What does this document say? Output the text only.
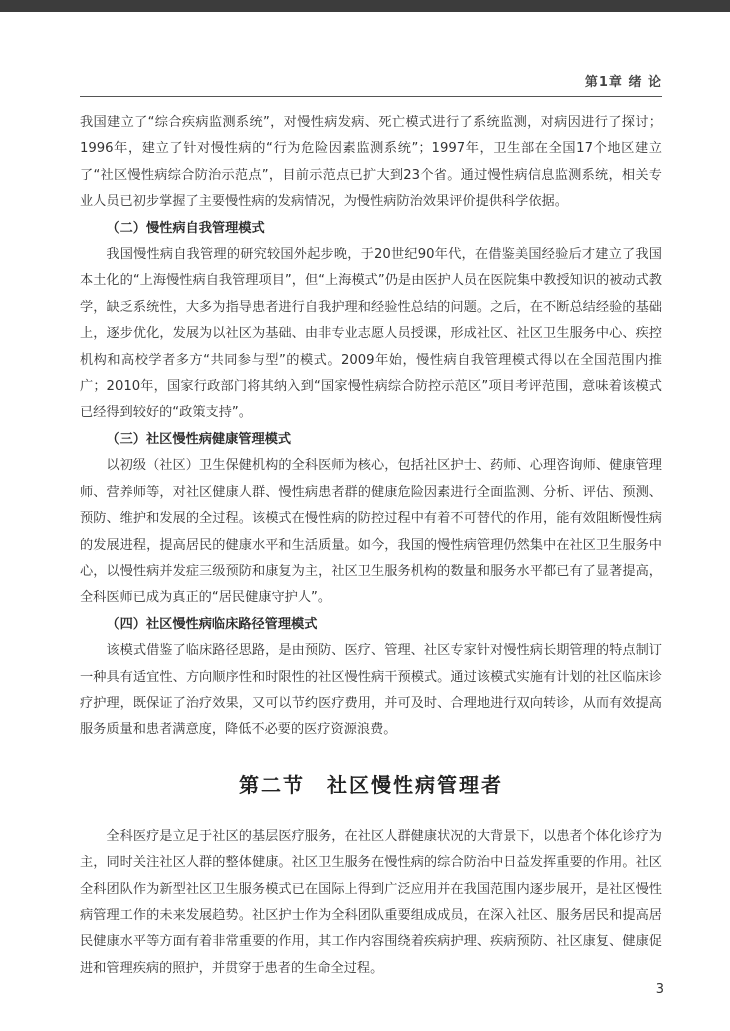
第1章 绪 论

我国建立了“综合疾病监测系统”，对慢性病发病、死亡模式进行了系统监测，对病因进行了探讨；1996年，建立了针对慢性病的“行为危险因素监测系统”；1997年，卫生部在全国17个地区建立了“社区慢性病综合防治示范点”，目前示范点已扩大到23个省。通过慢性病信息监测系统，相关专业人员已初步掌握了主要慢性病的发病情况，为慢性病防治效果评价提供科学依据。

（二）慢性病自我管理模式

我国慢性病自我管理的研究较国外起步晚，于20世纪90年代，在借鉴美国经验后才建立了我国本土化的“上海慢性病自我管理项目”，但“上海模式”仍是由医护人员在医院集中教授知识的被动式教学，缺乏系统性，大多为指导患者进行自我护理和经验性总结的问题。之后，在不断总结经验的基础上，逐步优化，发展为以社区为基础、由非专业志愿人员授课，形成社区、社区卫生服务中心、疾控机构和高校学者多方“共同参与型”的模式。2009年始，慢性病自我管理模式得以在全国范围内推广；2010年，国家行政部门将其纳入到“国家慢性病综合防控示范区”项目考评范围，意味着该模式已经得到较好的“政策支持”。

（三）社区慢性病健康管理模式

以初级（社区）卫生保健机构的全科医师为核心，包括社区护士、药师、心理咨询师、健康管理师、营养师等，对社区健康人群、慢性病患者群的健康危险因素进行全面监测、分析、评估、预测、预防、维护和发展的全过程。该模式在慢性病的防控过程中有着不可替代的作用，能有效阻断慢性病的发展进程，提高居民的健康水平和生活质量。如今，我国的慢性病管理仍然集中在社区卫生服务中心，以慢性病并发症三级预防和康复为主，社区卫生服务机构的数量和服务水平都已有了显著提高，全科医师已成为真正的“居民健康守护人”。

（四）社区慢性病临床路径管理模式

该模式借鉴了临床路径思路，是由预防、医疗、管理、社区专家针对慢性病长期管理的特点制订一种具有适宜性、方向顺序性和时限性的社区慢性病干预模式。通过该模式实施有计划的社区临床诊疗护理，既保证了治疗效果，又可以节约医疗费用，并可及时、合理地进行双向转诊，从而有效提高服务质量和患者满意度，降低不必要的医疗资源浪费。

第二节 社区慢性病管理者

全科医疗是立足于社区的基层医疗服务，在社区人群健康状况的大背景下，以患者个体化诊疗为主，同时关注社区人群的整体健康。社区卫生服务在慢性病的综合防治中日益发挥重要的作用。社区全科团队作为新型社区卫生服务模式已在国际上得到广泛应用并在我国范围内逐步展开，是社区慢性病管理工作的未来发展趋势。社区护士作为全科团队重要组成成员，在深入社区、服务居民和提高居民健康水平等方面有着非常重要的作用，其工作内容围绕着疾病护理、疾病预防、社区康复、健康促进和管理疾病的照护，并贯穿于患者的生命全过程。

3
